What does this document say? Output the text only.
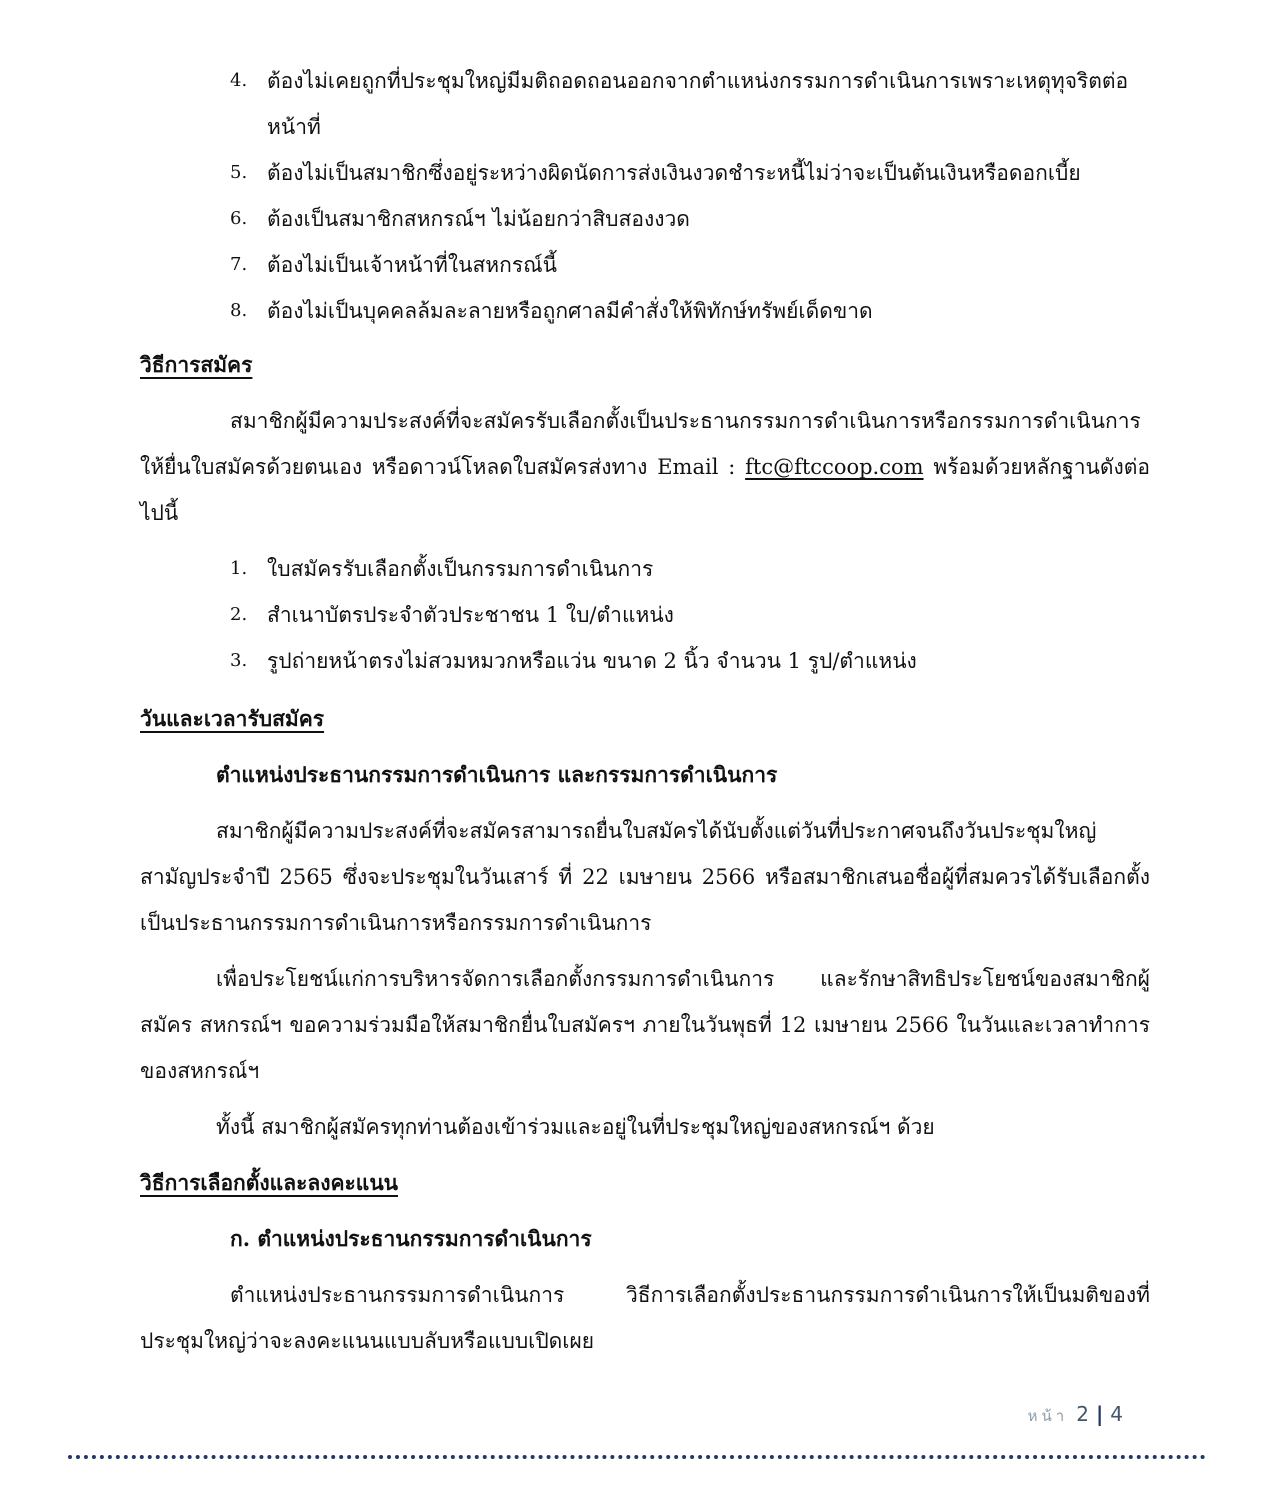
4. ต้องไม่เคยถูกที่ประชุมใหญ่มีมติถอดถอนออกจากตำแหน่งกรรมการดำเนินการเพราะเหตุทุจริตต่อหน้าที่
5. ต้องไม่เป็นสมาชิกซึ่งอยู่ระหว่างผิดนัดการส่งเงินงวดชำระหนี้ไม่ว่าจะเป็นต้นเงินหรือดอกเบี้ย
6. ต้องเป็นสมาชิกสหกรณ์ฯ ไม่น้อยกว่าสิบสองงวด
7. ต้องไม่เป็นเจ้าหน้าที่ในสหกรณ์นี้
8. ต้องไม่เป็นบุคคลล้มละลายหรือถูกศาลมีคำสั่งให้พิทักษ์ทรัพย์เด็ดขาด
วิธีการสมัคร

สมาชิกผู้มีความประสงค์ที่จะสมัครรับเลือกตั้งเป็นประธานกรรมการดำเนินการหรือกรรมการดำเนินการให้ยื่นใบสมัครด้วยตนเอง หรือดาวน์โหลดใบสมัครส่งทาง Email : ftc@ftccoop.com พร้อมด้วยหลักฐานดังต่อไปนี้

1. ใบสมัครรับเลือกตั้งเป็นกรรมการดำเนินการ
2. สำเนาบัตรประจำตัวประชาชน 1 ใบ/ตำแหน่ง
3. รูปถ่ายหน้าตรงไม่สวมหมวกหรือแว่น ขนาด 2 นิ้ว จำนวน 1 รูป/ตำแหน่ง
วันและเวลารับสมัคร
ตำแหน่งประธานกรรมการดำเนินการ และกรรมการดำเนินการ

สมาชิกผู้มีความประสงค์ที่จะสมัครสามารถยื่นใบสมัครได้นับตั้งแต่วันที่ประกาศจนถึงวันประชุมใหญ่สามัญประจำปี 2565 ซึ่งจะประชุมในวันเสาร์ ที่ 22 เมษายน 2566 หรือสมาชิกเสนอชื่อผู้ที่สมควรได้รับเลือกตั้งเป็นประธานกรรมการดำเนินการหรือกรรมการดำเนินการ

เพื่อประโยชน์แก่การบริหารจัดการเลือกตั้งกรรมการดำเนินการ และรักษาสิทธิประโยชน์ของสมาชิกผู้สมัคร สหกรณ์ฯ ขอความร่วมมือให้สมาชิกยื่นใบสมัครฯ ภายในวันพุธที่ 12 เมษายน 2566 ในวันและเวลาทำการของสหกรณ์ฯ

ทั้งนี้ สมาชิกผู้สมัครทุกท่านต้องเข้าร่วมและอยู่ในที่ประชุมใหญ่ของสหกรณ์ฯ ด้วย

วิธีการเลือกตั้งและลงคะแนน
ก. ตำแหน่งประธานกรรมการดำเนินการ

ตำแหน่งประธานกรรมการดำเนินการ วิธีการเลือกตั้งประธานกรรมการดำเนินการให้เป็นมติของที่ประชุมใหญ่ว่าจะลงคะแนนแบบลับหรือแบบเปิดเผย

หน้า 2 | 4
